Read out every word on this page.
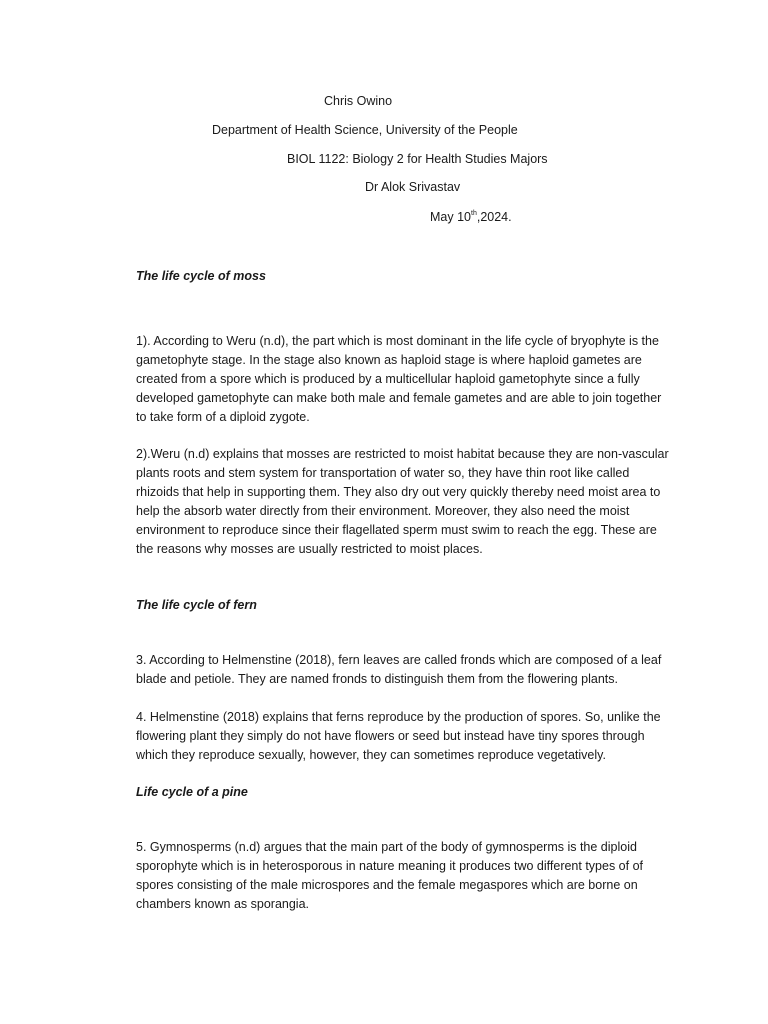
Chris Owino
Department of Health Science, University of the People
BIOL 1122: Biology 2 for Health Studies Majors
Dr Alok Srivastav
May 10th,2024.
The life cycle of moss
1). According to Weru (n.d), the part which is most dominant in the life cycle of bryophyte is the
gametophyte stage. In the stage also known as haploid stage is where haploid gametes are
created from a spore which is produced by a multicellular haploid gametophyte since a fully
developed gametophyte can make both male and female gametes and are able to join together
to take form of a diploid zygote.
2).Weru (n.d) explains that mosses are restricted to moist habitat because they are non-vascular
plants roots and stem system for transportation of water so, they have thin root like called
rhizoids that help in supporting them. They also dry out very quickly thereby need moist area to
help the absorb water directly from their environment. Moreover, they also need the moist
environment to reproduce since their flagellated sperm must swim to reach the egg. These are
the reasons why mosses are usually restricted to moist places.
The life cycle of fern
3. According to Helmenstine (2018), fern leaves are called fronds which are composed of a leaf
blade and petiole. They are named fronds to distinguish them from the flowering plants.
4. Helmenstine (2018) explains that ferns reproduce by the production of spores. So, unlike the
flowering plant they simply do not have flowers or seed but instead have tiny spores through
which they reproduce sexually, however, they can sometimes reproduce vegetatively.
Life cycle of a pine
5. Gymnosperms (n.d) argues that the main part of the body of gymnosperms is the diploid
sporophyte which is in heterosporous in nature meaning it produces two different types of of
spores consisting of the male microspores and the female megaspores which are borne on
chambers known as sporangia.
